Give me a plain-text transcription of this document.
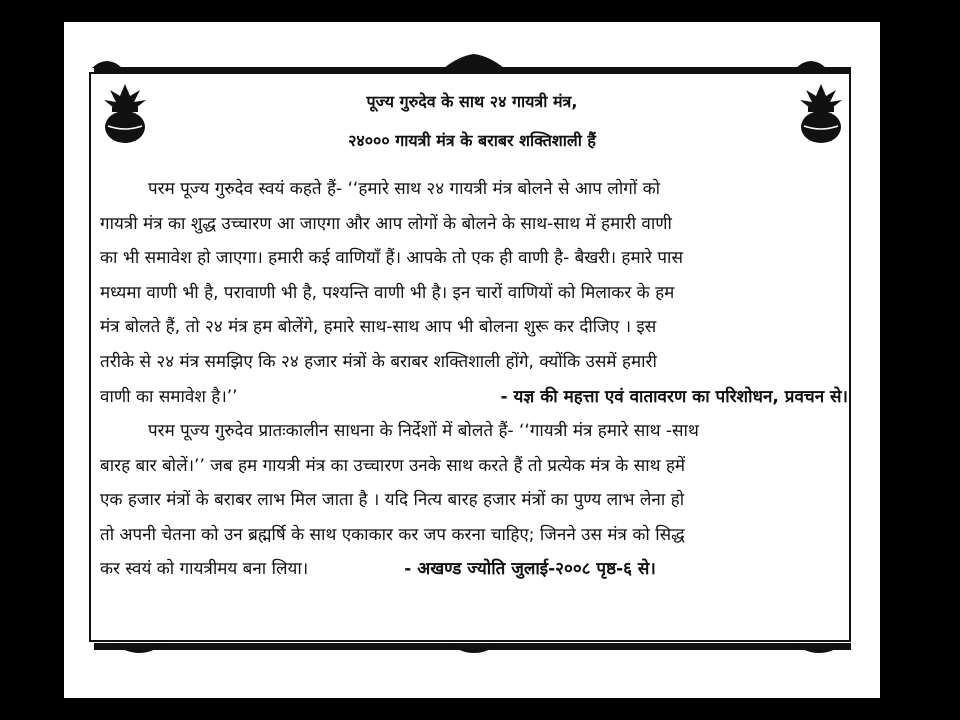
पूज्य गुरुदेव के साथ २४ गायत्री मंत्र,
२४००० गायत्री मंत्र के बराबर शक्तिशाली हैं
परम पूज्य गुरुदेव स्वयं कहते हैं- ‘‘हमारे साथ २४ गायत्री मंत्र बोलने से आप लोगों को
गायत्री मंत्र का शुद्ध उच्चारण आ जाएगा और आप लोगों के बोलने के साथ-साथ में हमारी वाणी
का भी समावेश हो जाएगा। हमारी कई वाणियाँ हैं। आपके तो एक ही वाणी है- बैखरी। हमारे पास
मध्यमा वाणी भी है, परावाणी भी है, पश्यन्ति वाणी भी है। इन चारों वाणियों को मिलाकर के हम
मंत्र बोलते हैं, तो २४ मंत्र हम बोलेंगे, हमारे साथ-साथ आप भी बोलना शुरू कर दीजिए । इस
तरीके से २४ मंत्र समझिए कि २४ हजार मंत्रों के बराबर शक्तिशाली होंगे, क्योंकि उसमें हमारी
वाणी का समावेश है।’’	- यज्ञ की महत्ता एवं वातावरण का परिशोधन, प्रवचन से।
परम पूज्य गुरुदेव प्रातःकालीन साधना के निर्देशों में बोलते हैं- ‘‘गायत्री मंत्र हमारे साथ -साथ
बारह बार बोलें।’’ जब हम गायत्री मंत्र का उच्चारण उनके साथ करते हैं तो प्रत्येक मंत्र के साथ हमें
एक हजार मंत्रों के बराबर लाभ मिल जाता है । यदि नित्य बारह हजार मंत्रों का पुण्य लाभ लेना हो
तो अपनी चेतना को उन ब्रह्मर्षि के साथ एकाकार कर जप करना चाहिए; जिनने उस मंत्र को सिद्ध
कर स्वयं को गायत्रीमय बना लिया।	- अखण्ड ज्योति जुलाई-२००८ पृष्ठ-६ से।
